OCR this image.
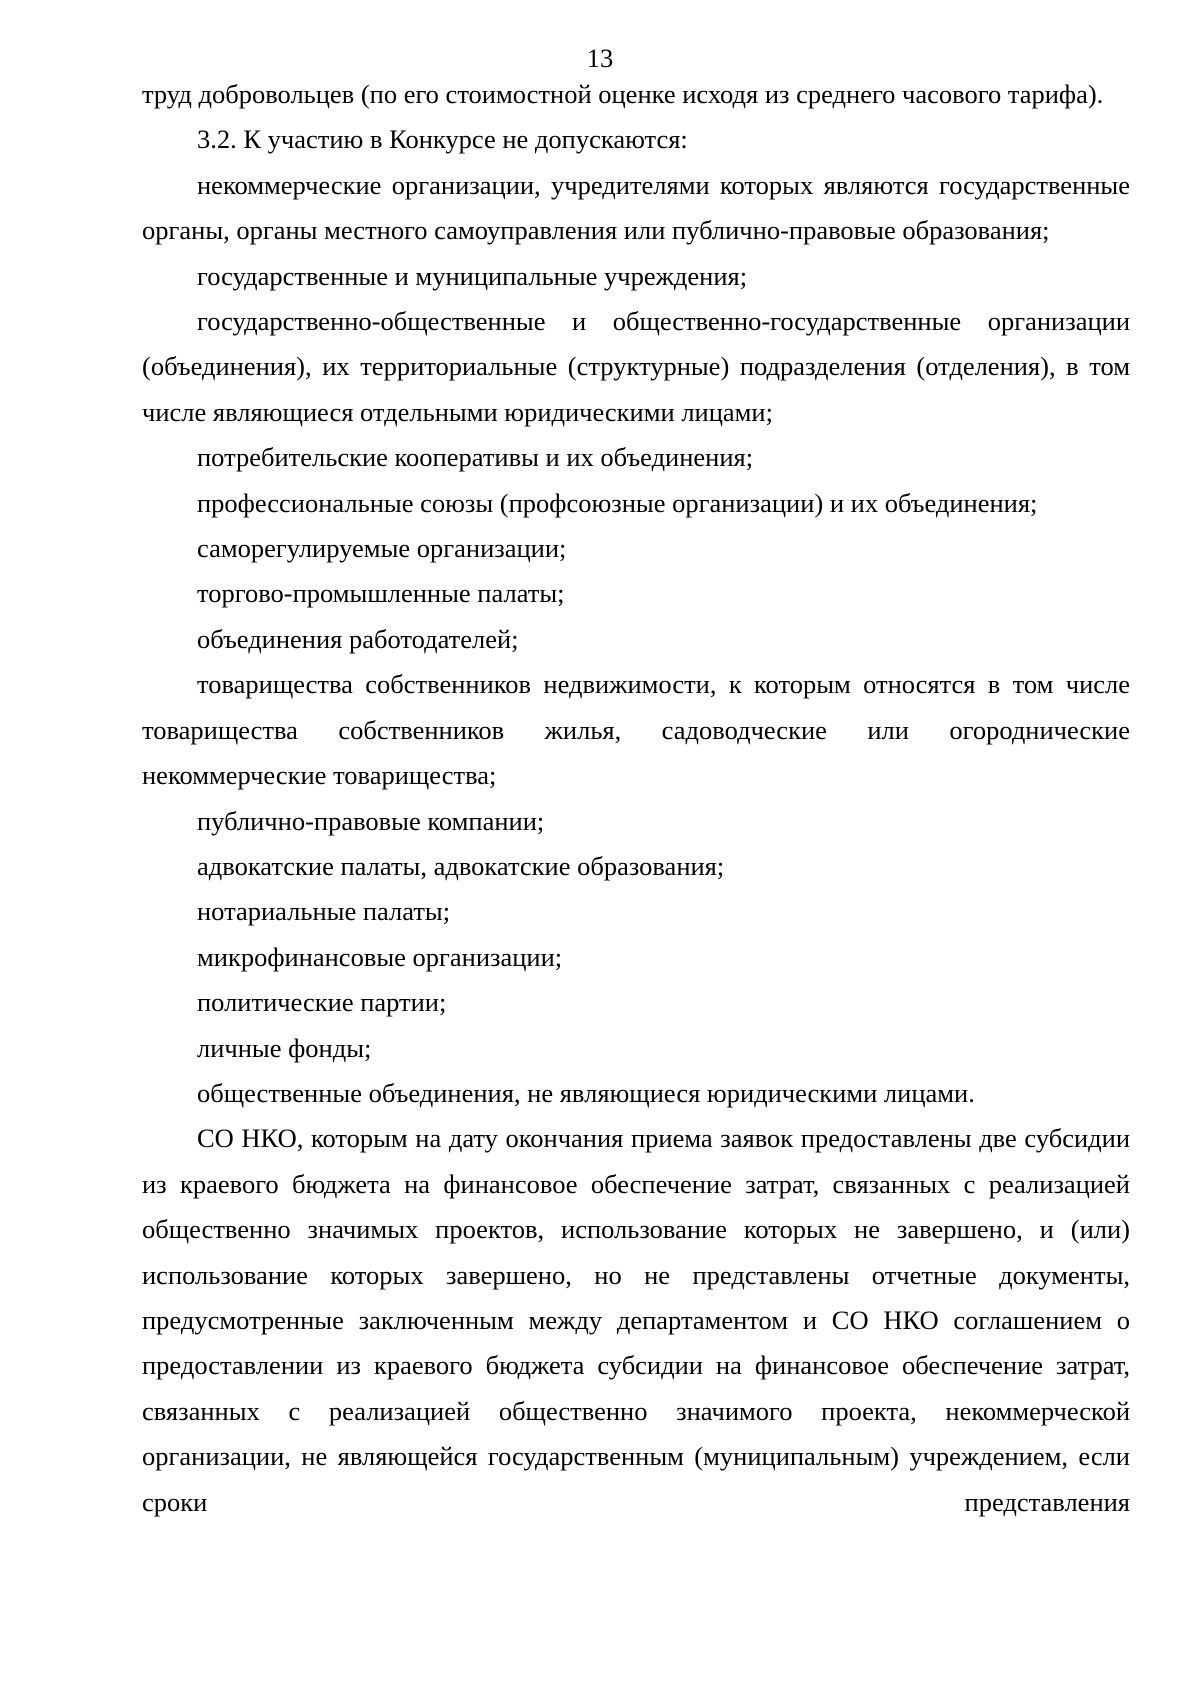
13

труд добровольцев (по его стоимостной оценке исходя из среднего часового тарифа).

3.2. К участию в Конкурсе не допускаются:

некоммерческие организации, учредителями которых являются государственные органы, органы местного самоуправления или публично-правовые образования;

государственные и муниципальные учреждения;

государственно-общественные и общественно-государственные организации (объединения), их территориальные (структурные) подразделения (отделения), в том числе являющиеся отдельными юридическими лицами;

потребительские кооперативы и их объединения;

профессиональные союзы (профсоюзные организации) и их объединения;

саморегулируемые организации;

торгово-промышленные палаты;

объединения работодателей;

товарищества собственников недвижимости, к которым относятся в том числе товарищества собственников жилья, садоводческие или огороднические некоммерческие товарищества;

публично-правовые компании;

адвокатские палаты, адвокатские образования;

нотариальные палаты;

микрофинансовые организации;

политические партии;

личные фонды;

общественные объединения, не являющиеся юридическими лицами.

СО НКО, которым на дату окончания приема заявок предоставлены две субсидии из краевого бюджета на финансовое обеспечение затрат, связанных с реализацией общественно значимых проектов, использование которых не завершено, и (или) использование которых завершено, но не представлены отчетные документы, предусмотренные заключенным между департаментом и СО НКО соглашением о предоставлении из краевого бюджета субсидии на финансовое обеспечение затрат, связанных с реализацией общественно значимого проекта, некоммерческой организации, не являющейся государственным (муниципальным) учреждением, если сроки представления
